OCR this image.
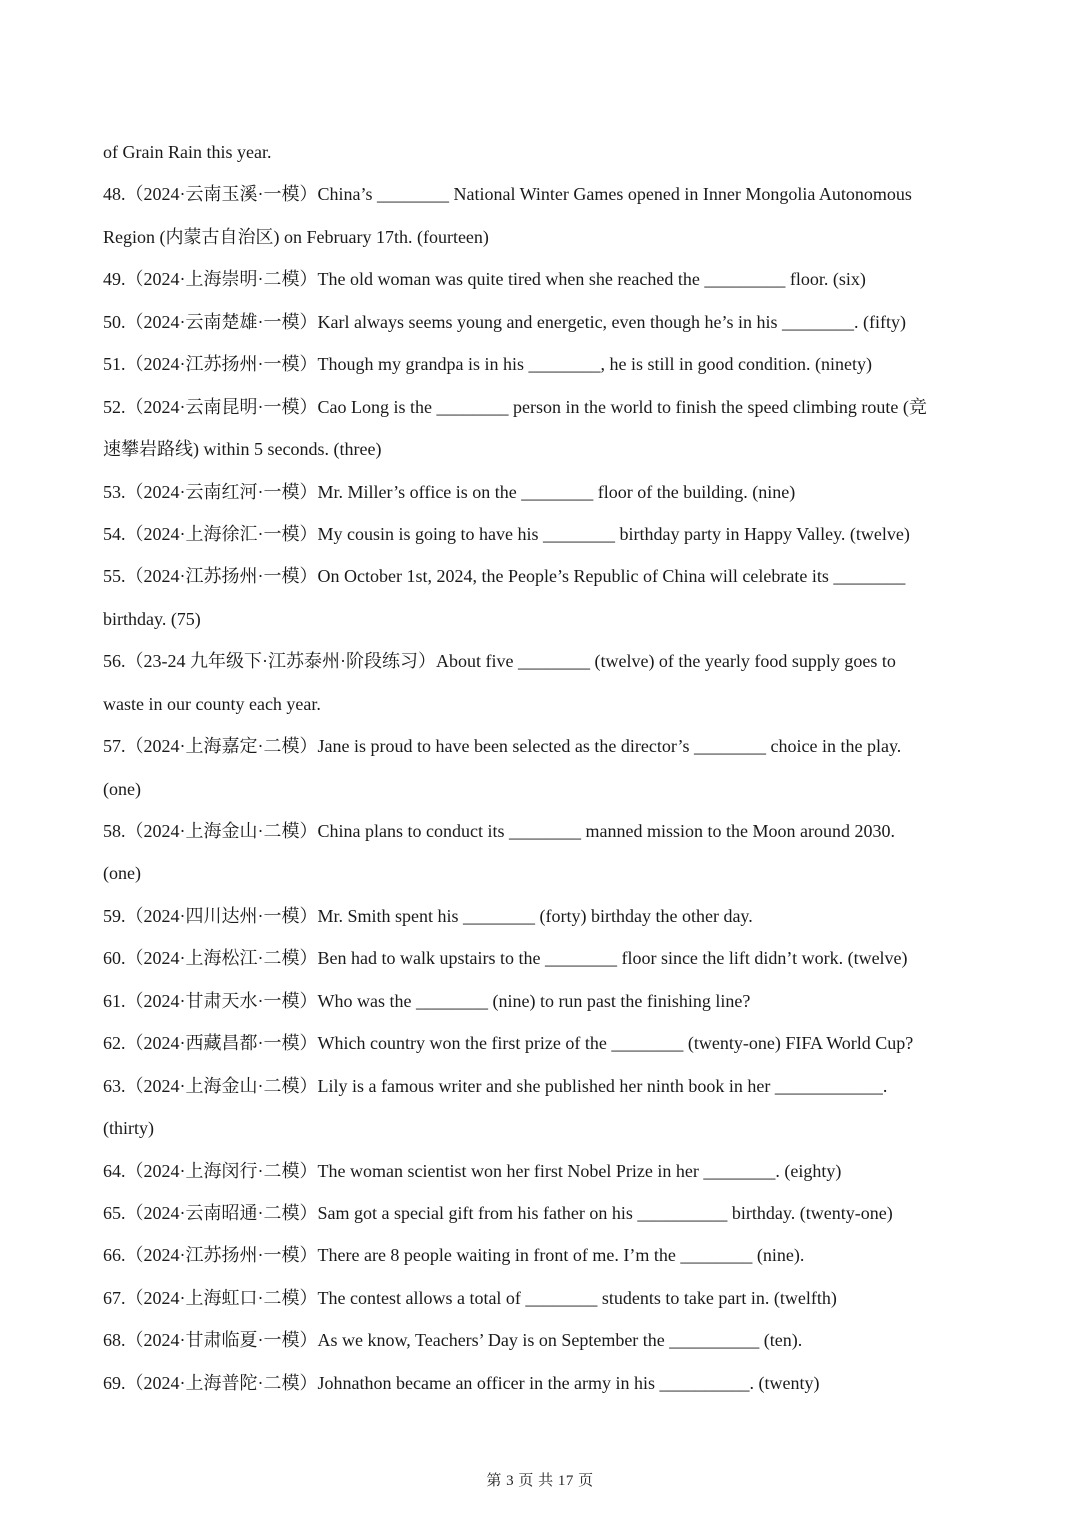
of Grain Rain this year.
48.（2024·云南玉溪·一模）China’s ________ National Winter Games opened in Inner Mongolia Autonomous
Region (内蒙古自治区) on February 17th. (fourteen)
49.（2024·上海崇明·二模）The old woman was quite tired when she reached the _________ floor. (six)
50.（2024·云南楚雄·一模）Karl always seems young and energetic, even though he’s in his ________. (fifty)
51.（2024·江苏扬州·一模）Though my grandpa is in his ________, he is still in good condition. (ninety)
52.（2024·云南昆明·一模）Cao Long is the ________ person in the world to finish the speed climbing route (竞
速攀岩路线) within 5 seconds. (three)
53.（2024·云南红河·一模）Mr. Miller’s office is on the ________ floor of the building. (nine)
54.（2024·上海徐汇·一模）My cousin is going to have his ________ birthday party in Happy Valley. (twelve)
55.（2024·江苏扬州·一模）On October 1st, 2024, the People’s Republic of China will celebrate its ________
birthday. (75)
56.（23-24 九年级下·江苏泰州·阶段练习）About five ________ (twelve) of the yearly food supply goes to
waste in our county each year.
57.（2024·上海嘉定·二模）Jane is proud to have been selected as the director’s ________ choice in the play.
(one)
58.（2024·上海金山·二模）China plans to conduct its ________ manned mission to the Moon around 2030.
(one)
59.（2024·四川达州·一模）Mr. Smith spent his ________ (forty) birthday the other day.
60.（2024·上海松江·二模）Ben had to walk upstairs to the ________ floor since the lift didn’t work. (twelve)
61.（2024·甘肃天水·一模）Who was the ________ (nine) to run past the finishing line?
62.（2024·西藏昌都·一模）Which country won the first prize of the ________ (twenty-one) FIFA World Cup?
63.（2024·上海金山·二模）Lily is a famous writer and she published her ninth book in her ____________.
(thirty)
64.（2024·上海闵行·二模）The woman scientist won her first Nobel Prize in her ________. (eighty)
65.（2024·云南昭通·二模）Sam got a special gift from his father on his __________ birthday. (twenty-one)
66.（2024·江苏扬州·一模）There are 8 people waiting in front of me. I’m the ________ (nine).
67.（2024·上海虹口·二模）The contest allows a total of ________ students to take part in. (twelfth)
68.（2024·甘肃临夏·一模）As we know, Teachers’ Day is on September the __________ (ten).
69.（2024·上海普陀·二模）Johnathon became an officer in the army in his __________. (twenty)
第 3 页 共 17 页
